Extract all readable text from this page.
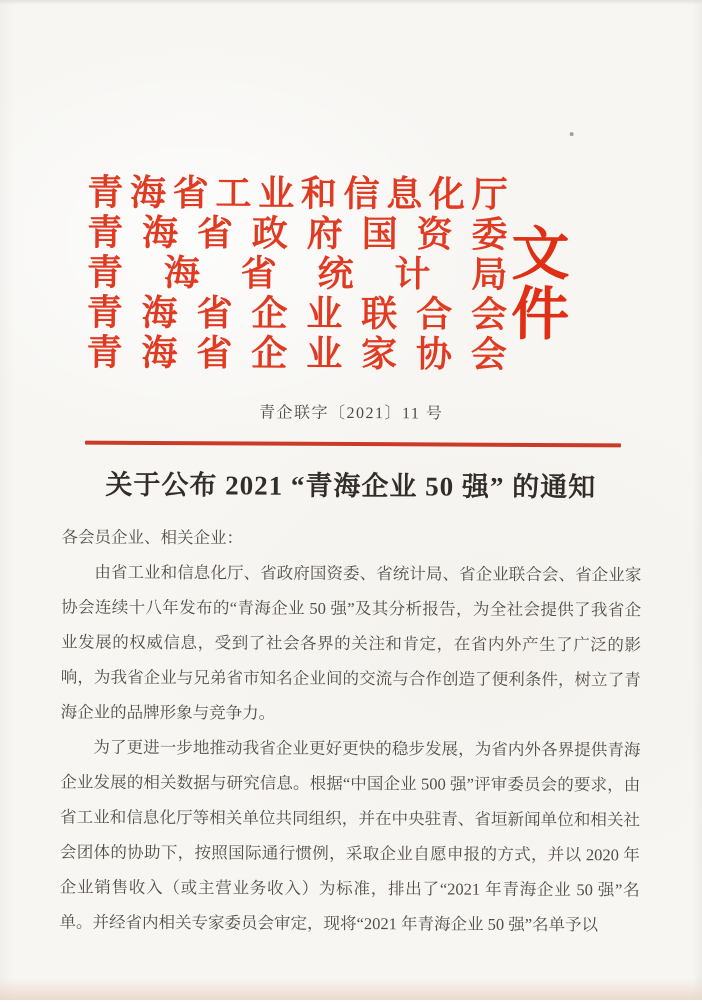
青 海 省 工 业 和 信 息 化 厅
青 海 省 政 府 国 资 委
青 海 省 统 计 局
青 海 省 企 业 联 合 会
青 海 省 企 业 家 协 会
文件
青企联字〔2021〕11 号
关于公布 2021 “青海企业 50 强” 的通知

各会员企业、相关企业：

由省工业和信息化厅、省政府国资委、省统计局、省企业联合会、省企业家协会连续十八年发布的“青海企业 50 强”及其分析报告，为全社会提供了我省企业发展的权威信息，受到了社会各界的关注和肯定，在省内外产生了广泛的影响，为我省企业与兄弟省市知名企业间的交流与合作创造了便利条件，树立了青海企业的品牌形象与竞争力。

为了更进一步地推动我省企业更好更快的稳步发展，为省内外各界提供青海企业发展的相关数据与研究信息。根据“中国企业 500 强”评审委员会的要求，由省工业和信息化厅等相关单位共同组织，并在中央驻青、省垣新闻单位和相关社会团体的协助下，按照国际通行惯例，采取企业自愿申报的方式，并以 2020 年企业销售收入（或主营业务收入）为标准，排出了“2021 年青海企业 50 强”名单。并经省内相关专家委员会审定，现将“2021 年青海企业 50 强”名单予以
